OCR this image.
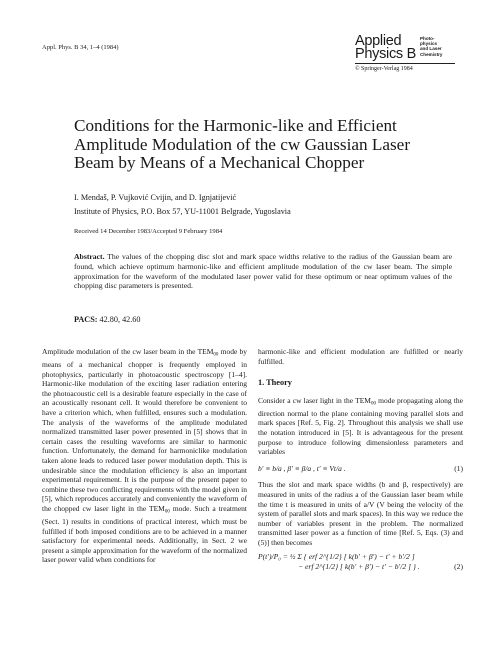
Appl. Phys. B 34, 1–4 (1984)	Applied
Physics B
Photo-
physics
and Laser
Chemistry
© Springer-Verlag 1984
Conditions for the Harmonic-like and Efficient Amplitude Modulation of the cw Gaussian Laser Beam by Means of a Mechanical Chopper
I. Mendaš, P. Vujković Cvijin, and D. Ignjatijević
Institute of Physics, P.O. Box 57, YU-11001 Belgrade, Yugoslavia
Received 14 December 1983/Accepted 9 February 1984
Abstract. The values of the chopping disc slot and mark space widths relative to the radius of the Gaussian beam are found, which achieve optimum harmonic-like and efficient amplitude modulation of the cw laser beam. The simple approximation for the waveform of the modulated laser power valid for these optimum or near optimum values of the chopping disc parameters is presented.
PACS: 42.80, 42.60
Amplitude modulation of the cw laser beam in the $TEM_{00}$ mode by means of a mechanical chopper is frequently employed in photophysics, particularly in photoacoustic spectroscopy [1–4]. Harmonic-like modulation of the exciting laser radiation entering the photoacoustic cell is a desirable feature especially in the case of an acoustically resonant cell. It would therefore be convenient to have a criterion which, when fulfilled, ensures such a modulation. The analysis of the waveforms of the amplitude modulated normalized transmitted laser power presented in [5] shows that in certain cases the resulting waveforms are similar to harmonic function. Unfortunately, the demand for harmoniclike modulation taken alone leads to reduced laser power modulation depth. This is undesirable since the modulation efficiency is also an important experimental requirement. It is the purpose of the present paper to combine these two conflicting requirements with the model given in [5], which reproduces accurately and conveniently the waveform of the chopped cw laser light in the $TEM_{00}$ mode. Such a treatment (Sect. 1) results in conditions of practical interest, which must be fulfilled if both imposed conditions are to be achieved in a manner satisfactory for experimental needs. Additionally, in Sect. 2 we present a simple approximation for the waveform of the normalized laser power valid when conditions for
harmonic-like and efficient modulation are fulfilled or nearly fulfilled.
1. Theory
Consider a cw laser light in the $TEM_{00}$ mode propagating along the direction normal to the plane containing moving parallel slots and mark spaces [Ref. 5, Fig. 2]. Throughout this analysis we shall use the notation introduced in [5]. It is advantageous for the present purpose to introduce following dimensionless parameters and variables
b′ ≡ b/a , β′ ≡ β/a , t′ ≡ Vt/a .	(1)
Thus the slot and mark space widths (b and β, respectively) are measured in units of the radius a of the Gaussian laser beam while the time t is measured in units of a/V (V being the velocity of the system of parallel slots and mark spaces). In this way we reduce the number of variables present in the problem. The normalized transmitted laser power as a function of time [Ref. 5, Eqs. (3) and (5)] then becomes
P(t′)/P₀ = ½ Σ { erf 2^{1/2} [ k(b′ + β′) − t′ + b′/2 ]
− erf 2^{1/2} [ k(b′ + β′) − t′ − b′/2 ] } .	(2)
